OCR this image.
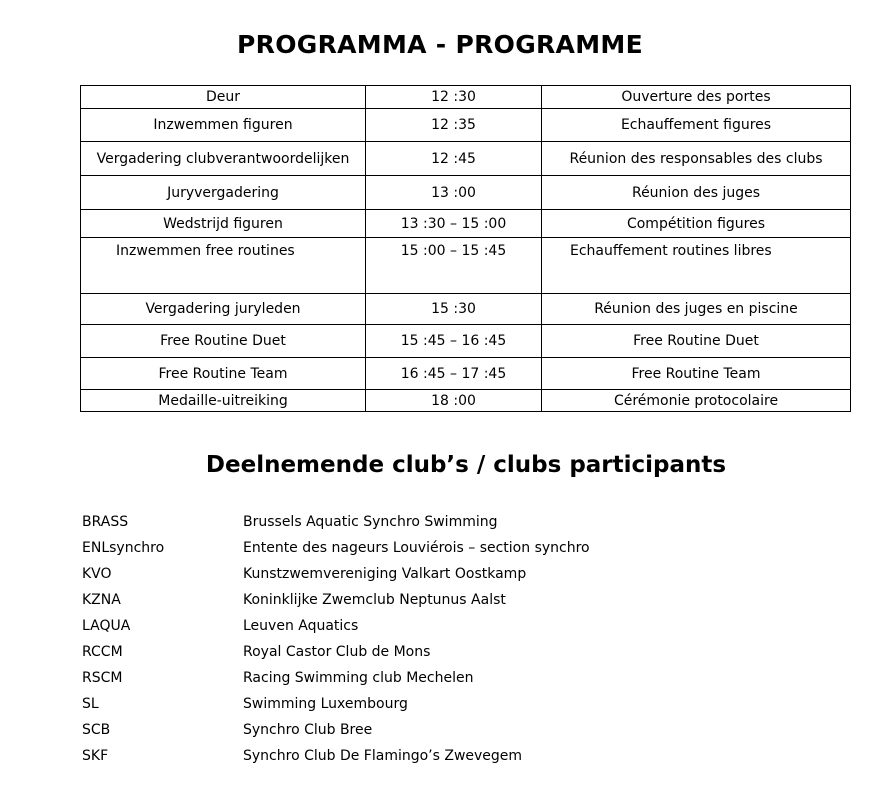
PROGRAMMA - PROGRAMME
Deur	12 :30	Ouverture des portes
Inzwemmen figuren	12 :35	Echauffement figures
Vergadering clubverantwoordelijken	12 :45	Réunion des responsables des clubs
Juryvergadering	13 :00	Réunion des juges
Wedstrijd figuren	13 :30 – 15 :00	Compétition figures
Inzwemmen free routines	15 :00 – 15 :45	Echauffement routines libres
Vergadering juryleden	15 :30	Réunion des juges en piscine
Free Routine Duet	15 :45 – 16 :45	Free Routine Duet
Free Routine Team	16 :45 – 17 :45	Free Routine Team
Medaille-uitreiking	18 :00	Cérémonie protocolaire
Deelnemende club’s / clubs participants
BRASS	Brussels Aquatic Synchro Swimming
ENLsynchro	Entente des nageurs Louviérois – section synchro
KVO	Kunstzwemvereniging Valkart Oostkamp
KZNA	Koninklijke Zwemclub Neptunus Aalst
LAQUA	Leuven Aquatics
RCCM	Royal Castor Club de Mons
RSCM	Racing Swimming club Mechelen
SL	Swimming Luxembourg
SCB	Synchro Club Bree
SKF	Synchro Club De Flamingo’s Zwevegem
